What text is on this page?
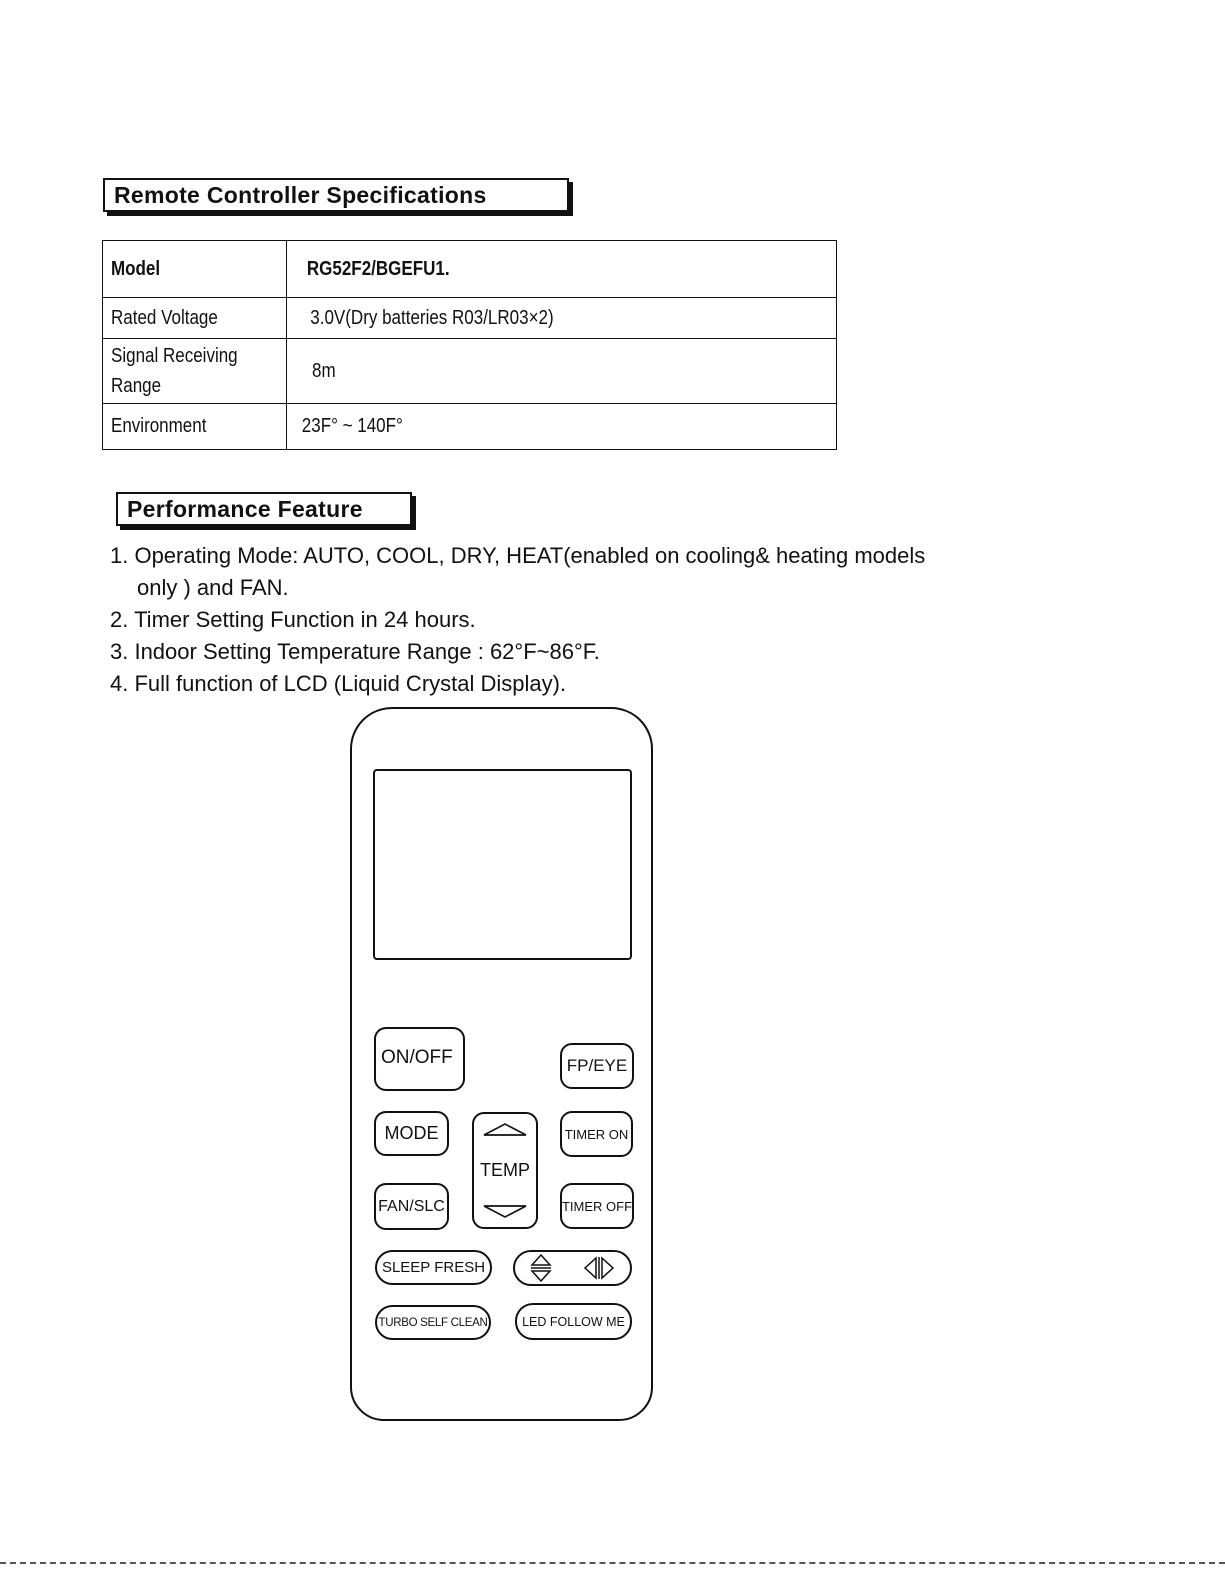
Remote Controller Specifications
Model	RG52F2/BGEFU1.
Rated Voltage	3.0V(Dry batteries R03/LR03×2)
Signal Receiving
Range	8m
Environment	23F° ~ 140F°
Performance Feature
1. Operating Mode: AUTO, COOL, DRY, HEAT(enabled on cooling& heating models only ) and FAN.
2. Timer Setting Function in 24 hours.
3. Indoor Setting Temperature Range : 62°F~86°F.
4. Full function of LCD (Liquid Crystal Display).
ON/OFF	FP/EYE
MODE
TEMP
TIMER ON
FAN/SLC	TIMER OFF
SLEEP FRESH
TURBO SELF CLEAN	LED FOLLOW ME
